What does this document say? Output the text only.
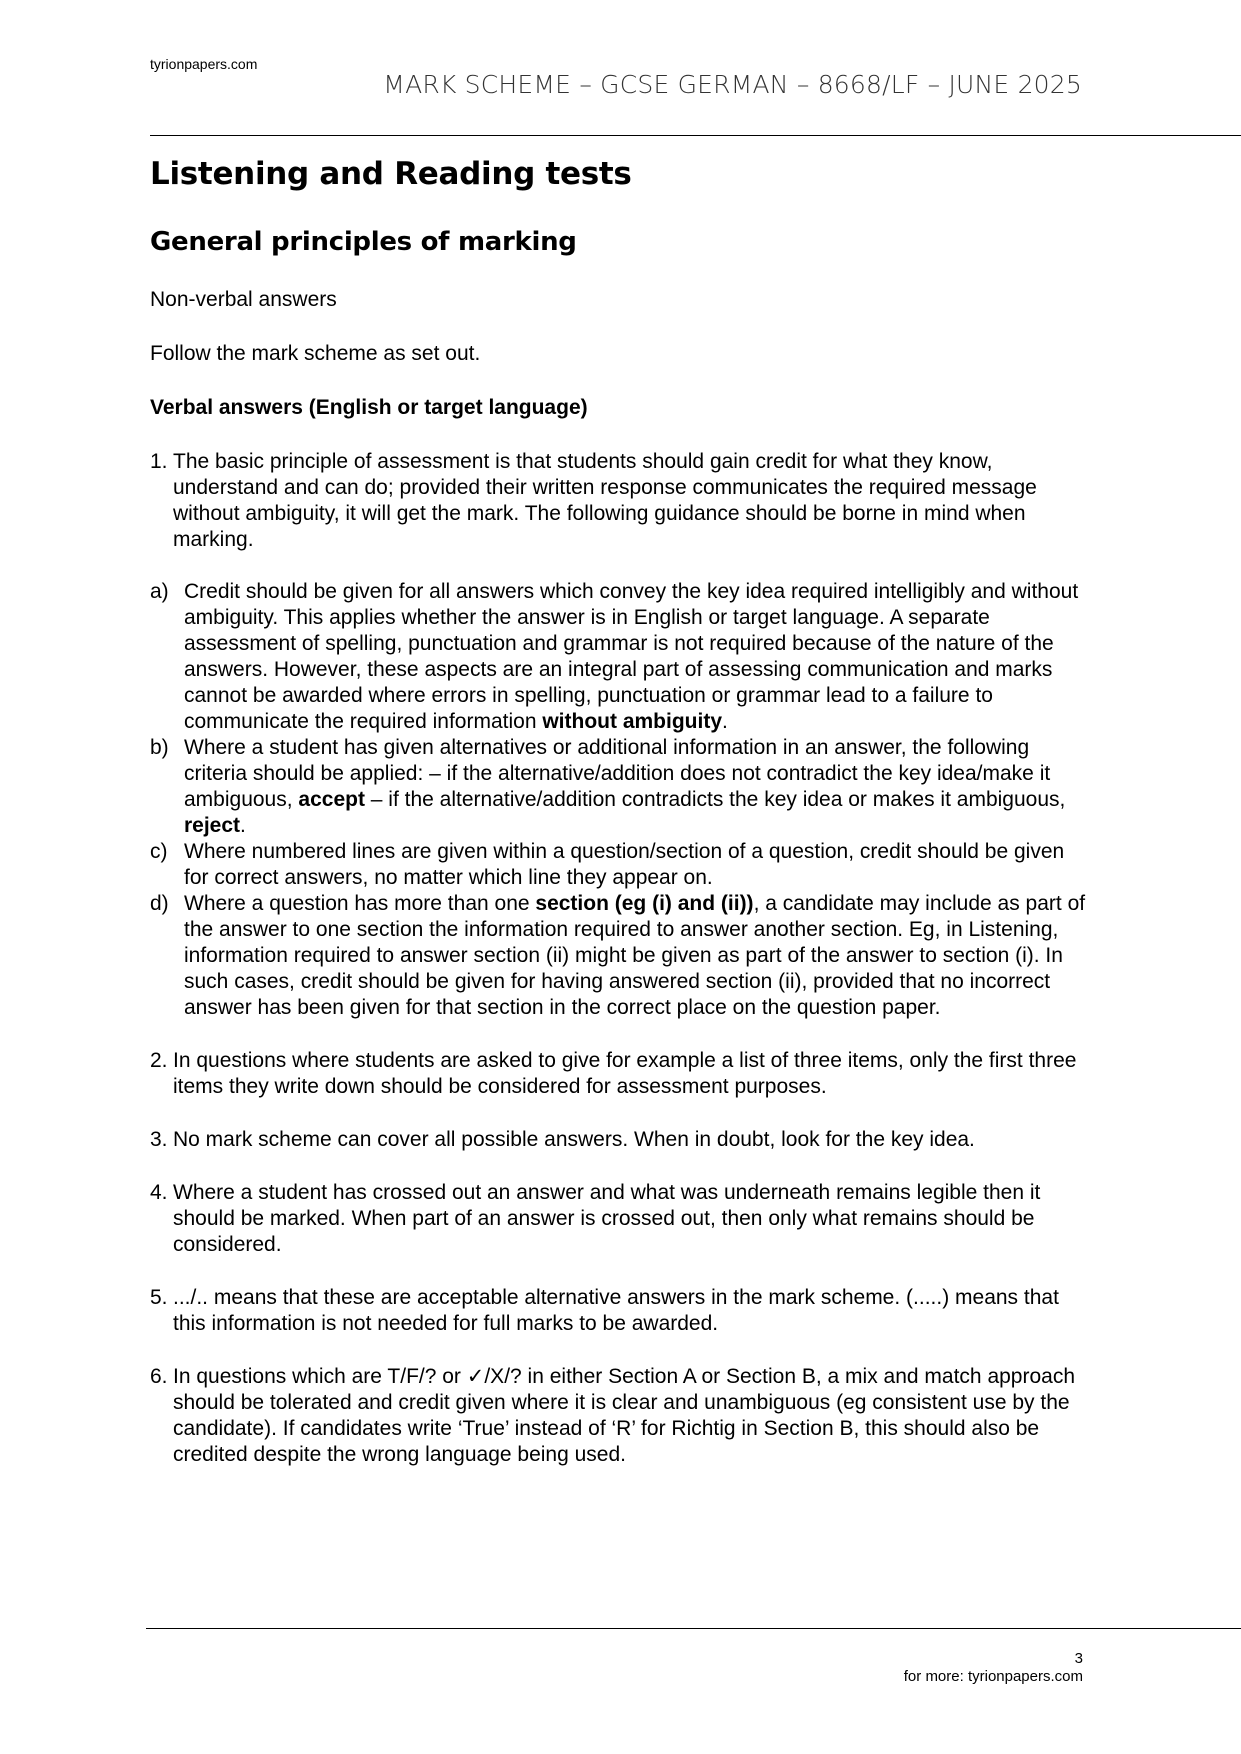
tyrionpapers.com
MARK SCHEME – GCSE GERMAN – 8668/LF – JUNE 2025
Listening and Reading tests
General principles of marking

Non-verbal answers

Follow the mark scheme as set out.

Verbal answers (English or target language)

1. The basic principle of assessment is that students should gain credit for what they know, understand and can do; provided their written response communicates the required message without ambiguity, it will get the mark. The following guidance should be borne in mind when marking.
a) Credit should be given for all answers which convey the key idea required intelligibly and without ambiguity. This applies whether the answer is in English or target language. A separate assessment of spelling, punctuation and grammar is not required because of the nature of the answers. However, these aspects are an integral part of assessing communication and marks cannot be awarded where errors in spelling, punctuation or grammar lead to a failure to communicate the required information without ambiguity.
b) Where a student has given alternatives or additional information in an answer, the following criteria should be applied: – if the alternative/addition does not contradict the key idea/make it ambiguous, accept – if the alternative/addition contradicts the key idea or makes it ambiguous, reject.
c) Where numbered lines are given within a question/section of a question, credit should be given for correct answers, no matter which line they appear on.
d) Where a question has more than one section (eg (i) and (ii)), a candidate may include as part of the answer to one section the information required to answer another section. Eg, in Listening, information required to answer section (ii) might be given as part of the answer to section (i). In such cases, credit should be given for having answered section (ii), provided that no incorrect answer has been given for that section in the correct place on the question paper.
2. In questions where students are asked to give for example a list of three items, only the first three items they write down should be considered for assessment purposes.
3. No mark scheme can cover all possible answers. When in doubt, look for the key idea.
4. Where a student has crossed out an answer and what was underneath remains legible then it should be marked. When part of an answer is crossed out, then only what remains should be considered.
5. .../.. means that these are acceptable alternative answers in the mark scheme. (.....) means that this information is not needed for full marks to be awarded.
6. In questions which are T/F/? or ✓/X/? in either Section A or Section B, a mix and match approach should be tolerated and credit given where it is clear and unambiguous (eg consistent use by the candidate). If candidates write ‘True’ instead of ‘R’ for Richtig in Section B, this should also be credited despite the wrong language being used.
3
for more: tyrionpapers.com
